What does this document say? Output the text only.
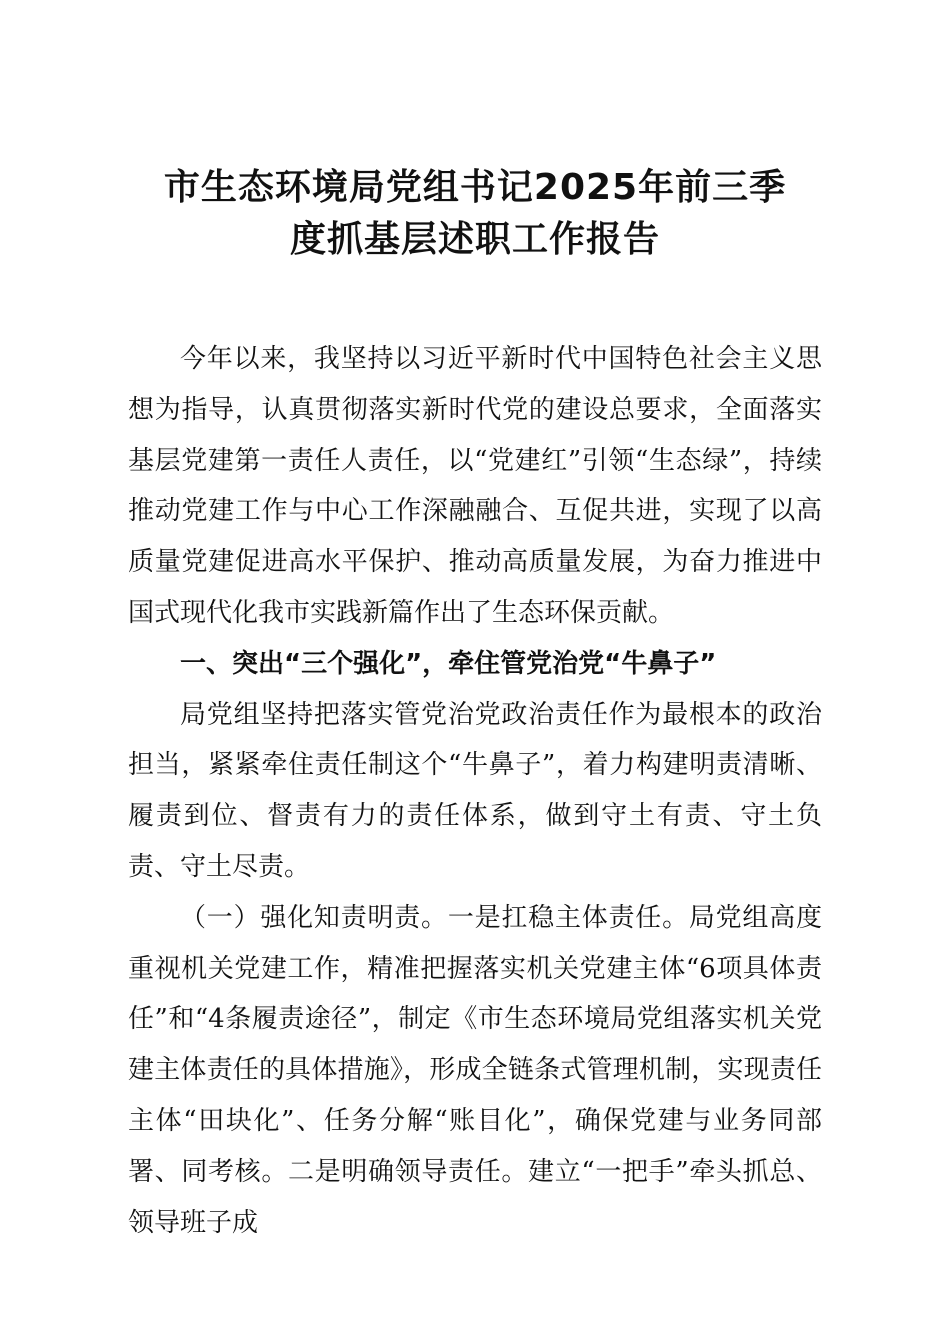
市生态环境局党组书记2025年前三季
度抓基层述职工作报告

今年以来，我坚持以习近平新时代中国特色社会主义思想为指导，认真贯彻落实新时代党的建设总要求，全面落实基层党建第一责任人责任，以“党建红”引领“生态绿”，持续推动党建工作与中心工作深融融合、互促共进，实现了以高质量党建促进高水平保护、推动高质量发展，为奋力推进中国式现代化我市实践新篇作出了生态环保贡献。

一、突出“三个强化”，牵住管党治党“牛鼻子”

局党组坚持把落实管党治党政治责任作为最根本的政治担当，紧紧牵住责任制这个“牛鼻子”，着力构建明责清晰、履责到位、督责有力的责任体系，做到守土有责、守土负责、守土尽责。

（一）强化知责明责。一是扛稳主体责任。局党组高度重视机关党建工作，精准把握落实机关党建主体“6项具体责任”和“4条履责途径”，制定《市生态环境局党组落实机关党建主体责任的具体措施》，形成全链条式管理机制，实现责任主体“田块化”、任务分解“账目化”，确保党建与业务同部署、同考核。二是明确领导责任。建立“一把手”牵头抓总、领导班子成
